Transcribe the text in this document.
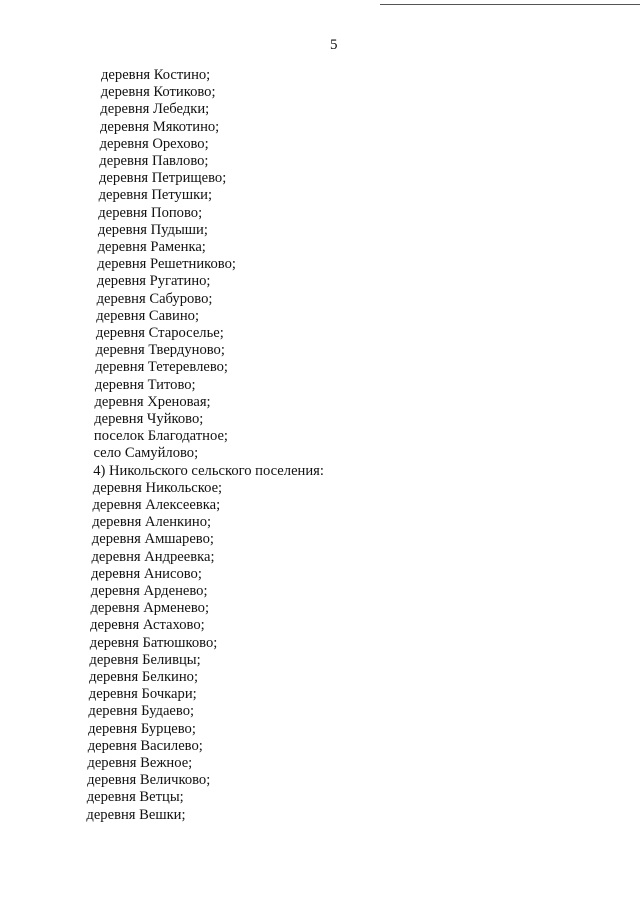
5
деревня Костино;
деревня Котиково;
деревня Лебедки;
деревня Мякотино;
деревня Орехово;
деревня Павлово;
деревня Петрищево;
деревня Петушки;
деревня Попово;
деревня Пудыши;
деревня Раменка;
деревня Решетниково;
деревня Ругатино;
деревня Сабурово;
деревня Савино;
деревня Староселье;
деревня Твердуново;
деревня Тетеревлево;
деревня Титово;
деревня Хреновая;
деревня Чуйково;
поселок Благодатное;
село Самуйлово;
4) Никольского сельского поселения:
деревня Никольское;
деревня Алексеевка;
деревня Аленкино;
деревня Амшарево;
деревня Андреевка;
деревня Анисово;
деревня Арденево;
деревня Арменево;
деревня Астахово;
деревня Батюшково;
деревня Беливцы;
деревня Белкино;
деревня Бочкари;
деревня Будаево;
деревня Бурцево;
деревня Василево;
деревня Вежное;
деревня Величково;
деревня Ветцы;
деревня Вешки;
